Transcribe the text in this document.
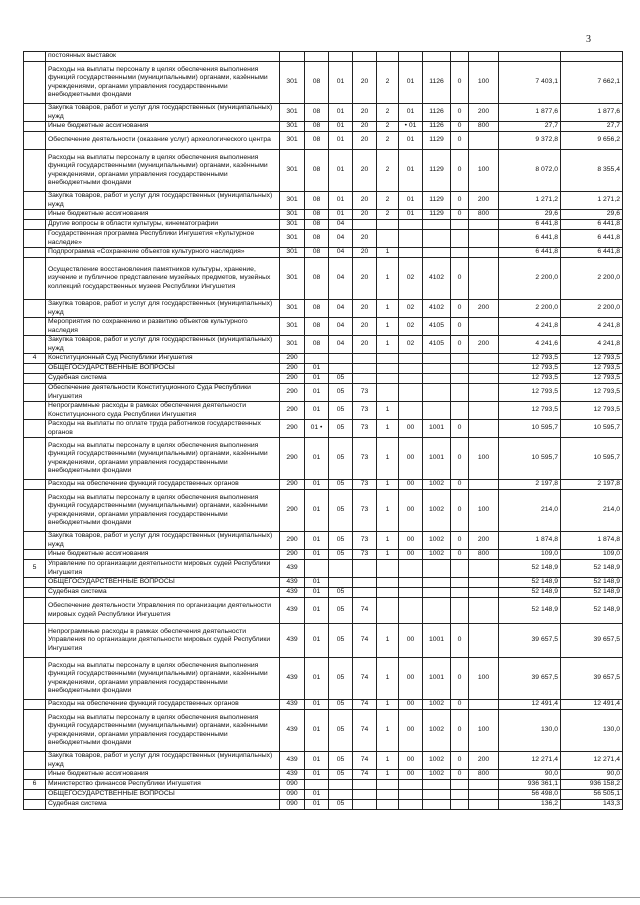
3
	постоянных выставок											
	Расходы на выплаты персоналу в целях обеспечения выполнения функций государственными (муниципальными) органами, казёнными учреждениями, органами управления государственными внебюджетными фондами	301	08	01	20	2	01	1126	0	100	7 403,1	7 662,1
	Закупка товаров, работ и услуг для государственных (муниципальных) нужд	301	08	01	20	2	01	1126	0	200	1 877,6	1 877,6
	Иные бюджетные ассигнования	301	08	01	20	2	• 01	1126	0	800	27,7	27,7
	Обеспечение деятельности (оказание услуг) археологического центра	301	08	01	20	2	01	1129	0		9 372,8	9 656,2
	Расходы на выплаты персоналу в целях обеспечения выполнения функций государственными (муниципальными) органами, казёнными учреждениями, органами управления государственными внебюджетными фондами	301	08	01	20	2	01	1129	0	100	8 072,0	8 355,4
	Закупка товаров, работ и услуг для государственных (муниципальных) нужд	301	08	01	20	2	01	1129	0	200	1 271,2	1 271,2
	Иные бюджетные ассигнования	301	08	01	20	2	01	1129	0	800	29,6	29,6
	Другие вопросы в области культуры, кинематографии	301	08	04							6 441,8	6 441,8
	Государственная программа Республики Ингушетия «Культурное наследие»	301	08	04	20						6 441,8	6 441,8
	Подпрограмма «Сохранение объектов культурного наследия»	301	08	04	20	1					6 441,8	6 441,8
	Осуществление восстановления памятников культуры, хранение, изучение и публичное представление музейных предметов, музейных коллекций государственных музеев Республики Ингушетия	301	08	04	20	1	02	4102	0		2 200,0	2 200,0
	Закупка товаров, работ и услуг для государственных (муниципальных) нужд	301	08	04	20	1	02	4102	0	200	2 200,0	2 200,0
	Мероприятия по сохранению и развитию объектов культурного наследия	301	08	04	20	1	02	4105	0		4 241,8	4 241,8
	Закупка товаров, работ и услуг для государственных (муниципальных) нужд	301	08	04	20	1	02	4105	0	200	4 241,6	4 241,8
4	Конституционный Суд Республики Ингушетия	290									12 793,5	12 793,5
	ОБЩЕГОСУДАРСТВЕННЫЕ ВОПРОСЫ	290	01								12 793,5	12 793,5
	Судебная система	290	01	05							12 793,5	12 793,5
	Обеспечение деятельности Конституционного Суда Республики Ингушетия	290	01	05	73						12 793,5	12 793,5
	Непрограммные расходы в рамках обеспечения деятельности Конституционного суда Республики Ингушетия	290	01	05	73	1					12 793,5	12 793,5
	Расходы на выплаты по оплате труда работников государственных органов	290	01 •	05	73	1	00	1001	0		10 595,7	10 595,7
	Расходы на выплаты персоналу в целях обеспечения выполнения функций государственными (муниципальными) органами, казёнными учреждениями, органами управления государственными внебюджетными фондами	290	01	05	73	1	00	1001	0	100	10 595,7	10 595,7
	Расходы на обеспечение функций государственных органов	290	01	05	73	1	00	1002	0		2 197,8	2 197,8
	Расходы на выплаты персоналу в целях обеспечения выполнения функций государственными (муниципальными) органами, казёнными учреждениями, органами управления государственными внебюджетными фондами	290	01	05	73	1	00	1002	0	100	214,0	214,0
	Закупка товаров, работ и услуг для государственных (муниципальных) нужд	290	01	05	73	1	00	1002	0	200	1 874,8	1 874,8
	Иные бюджетные ассигнования	290	01	05	73	1	00	1002	0	800	109,0	109,0
5	Управление по организации деятельности мировых судей Республики Ингушетия	439									52 148,9	52 148,9
	ОБЩЕГОСУДАРСТВЕННЫЕ ВОПРОСЫ	439	01								52 148,9	52 148,9
	Судебная система	439	01	05							52 148,9	52 148,9
	Обеспечение деятельности Управления по организации деятельности мировых судей Республики Ингушетия	439	01	05	74						52 148,9	52 148,9
	Непрограммные расходы в рамках обеспечения деятельности Управления по организации деятельности мировых судей Республики Ингушетия	439	01	05	74	1	00	1001	0		39 657,5	39 657,5
	Расходы на выплаты персоналу в целях обеспечения выполнения функций государственными (муниципальными) органами, казёнными учреждениями, органами управления государственными внебюджетными фондами	439	01	05	74	1	00	1001	0	100	39 657,5	39 657,5
	Расходы на обеспечение функций государственных органов	439	01	05	74	1	00	1002	0		12 491,4	12 491,4
	Расходы на выплаты персоналу в целях обеспечения выполнения функций государственными (муниципальными) органами, казёнными учреждениями, органами управления государственными внебюджетными фондами	439	01	05	74	1	00	1002	0	100	130,0	130,0
	Закупка товаров, работ и услуг для государственных (муниципальных) нужд	439	01	05	74	1	00	1002	0	200	12 271,4	12 271,4
	Иные бюджетные ассигнования	439	01	05	74	1	00	1002	0	800	90,0	90,0
6	Министерство финансов Республики Ингушетия	090									936 361,1	936 158,2
	ОБЩЕГОСУДАРСТВЕННЫЕ ВОПРОСЫ	090	01								56 498,0	56 505,1
	Судебная система	090	01	05							136,2	143,3
